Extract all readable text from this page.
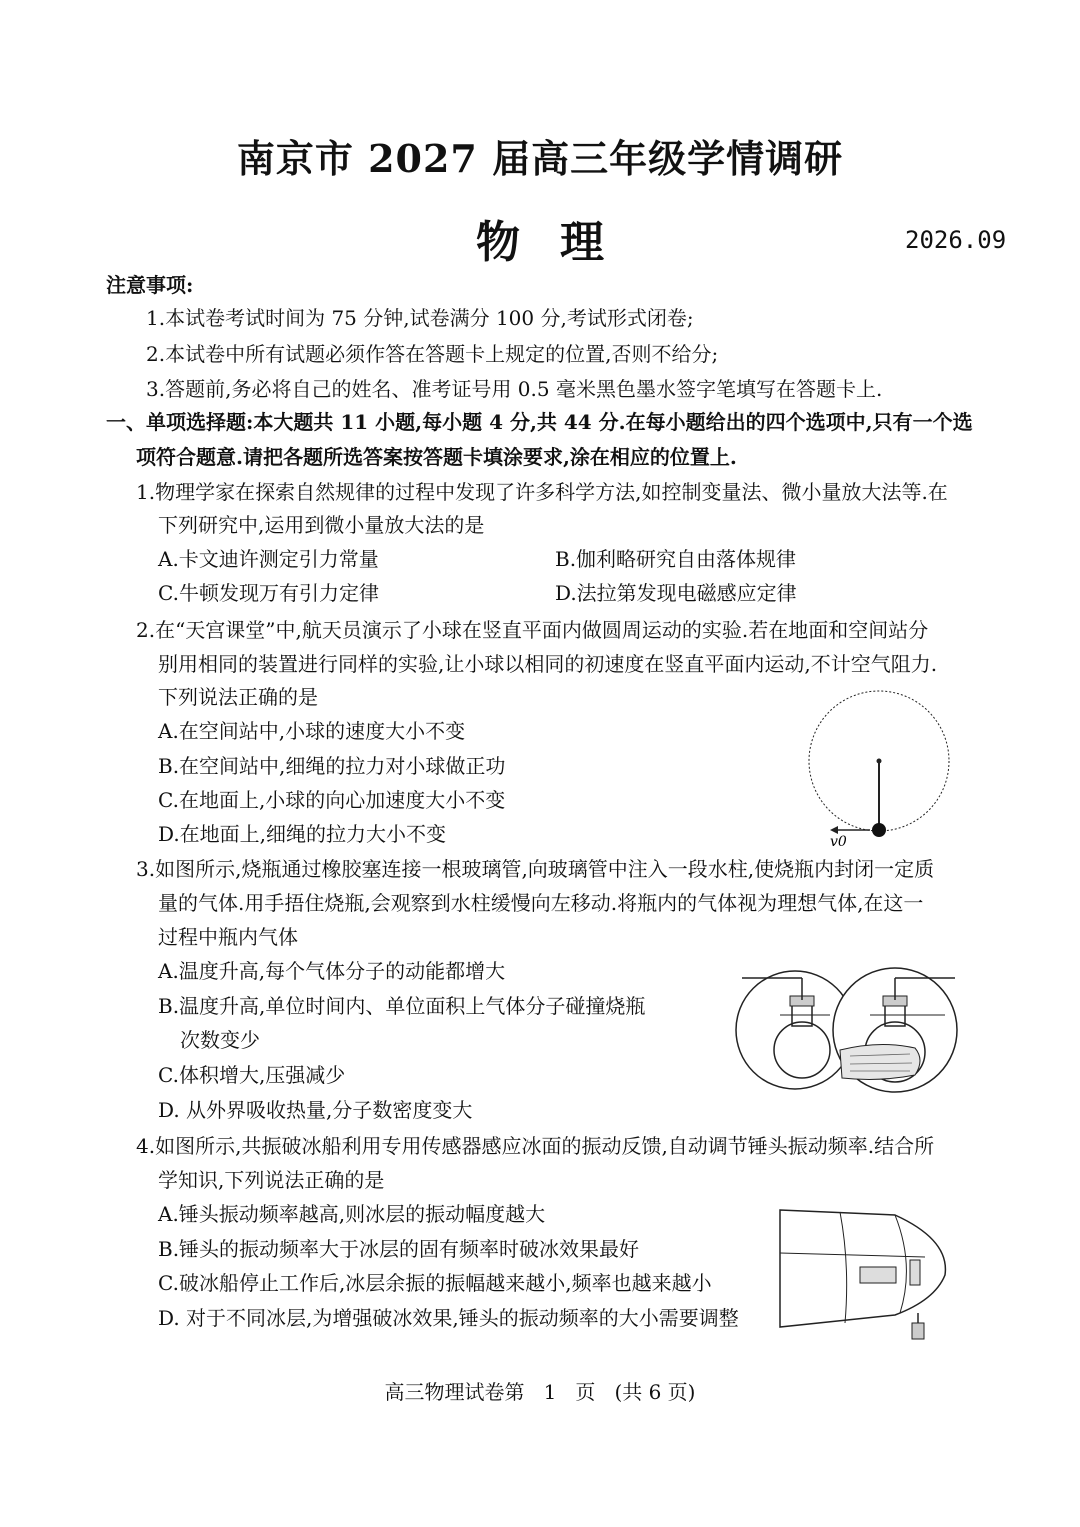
南京市 2027 届高三年级学情调研
物理	2026.09
注意事项:
1.本试卷考试时间为 75 分钟,试卷满分 100 分,考试形式闭卷;
2.本试卷中所有试题必须作答在答题卡上规定的位置,否则不给分;
3.答题前,务必将自己的姓名、准考证号用 0.5 毫米黑色墨水签字笔填写在答题卡上.
一、单项选择题:本大题共 11 小题,每小题 4 分,共 44 分.在每小题给出的四个选项中,只有一个选
项符合题意.请把各题所选答案按答题卡填涂要求,涂在相应的位置上.
1.物理学家在探索自然规律的过程中发现了许多科学方法,如控制变量法、微小量放大法等.在
下列研究中,运用到微小量放大法的是
A.卡文迪许测定引力常量	B.伽利略研究自由落体规律
C.牛顿发现万有引力定律	D.法拉第发现电磁感应定律
2.在“天宫课堂”中,航天员演示了小球在竖直平面内做圆周运动的实验.若在地面和空间站分
别用相同的装置进行同样的实验,让小球以相同的初速度在竖直平面内运动,不计空气阻力.
下列说法正确的是
A.在空间站中,小球的速度大小不变
B.在空间站中,细绳的拉力对小球做正功
C.在地面上,小球的向心加速度大小不变
D.在地面上,细绳的拉力大小不变	v0
3.如图所示,烧瓶通过橡胶塞连接一根玻璃管,向玻璃管中注入一段水柱,使烧瓶内封闭一定质
量的气体.用手捂住烧瓶,会观察到水柱缓慢向左移动.将瓶内的气体视为理想气体,在这一
过程中瓶内气体
A.温度升高,每个气体分子的动能都增大
B.温度升高,单位时间内、单位面积上气体分子碰撞烧瓶
次数变少
C.体积增大,压强减少
D. 从外界吸收热量,分子数密度变大
4.如图所示,共振破冰船利用专用传感器感应冰面的振动反馈,自动调节锤头振动频率.结合所
学知识,下列说法正确的是
A.锤头振动频率越高,则冰层的振动幅度越大
B.锤头的振动频率大于冰层的固有频率时破冰效果最好
C.破冰船停止工作后,冰层余振的振幅越来越小,频率也越来越小
D. 对于不同冰层,为增强破冰效果,锤头的振动频率的大小需要调整
高三物理试卷第   1   页   (共 6 页)
